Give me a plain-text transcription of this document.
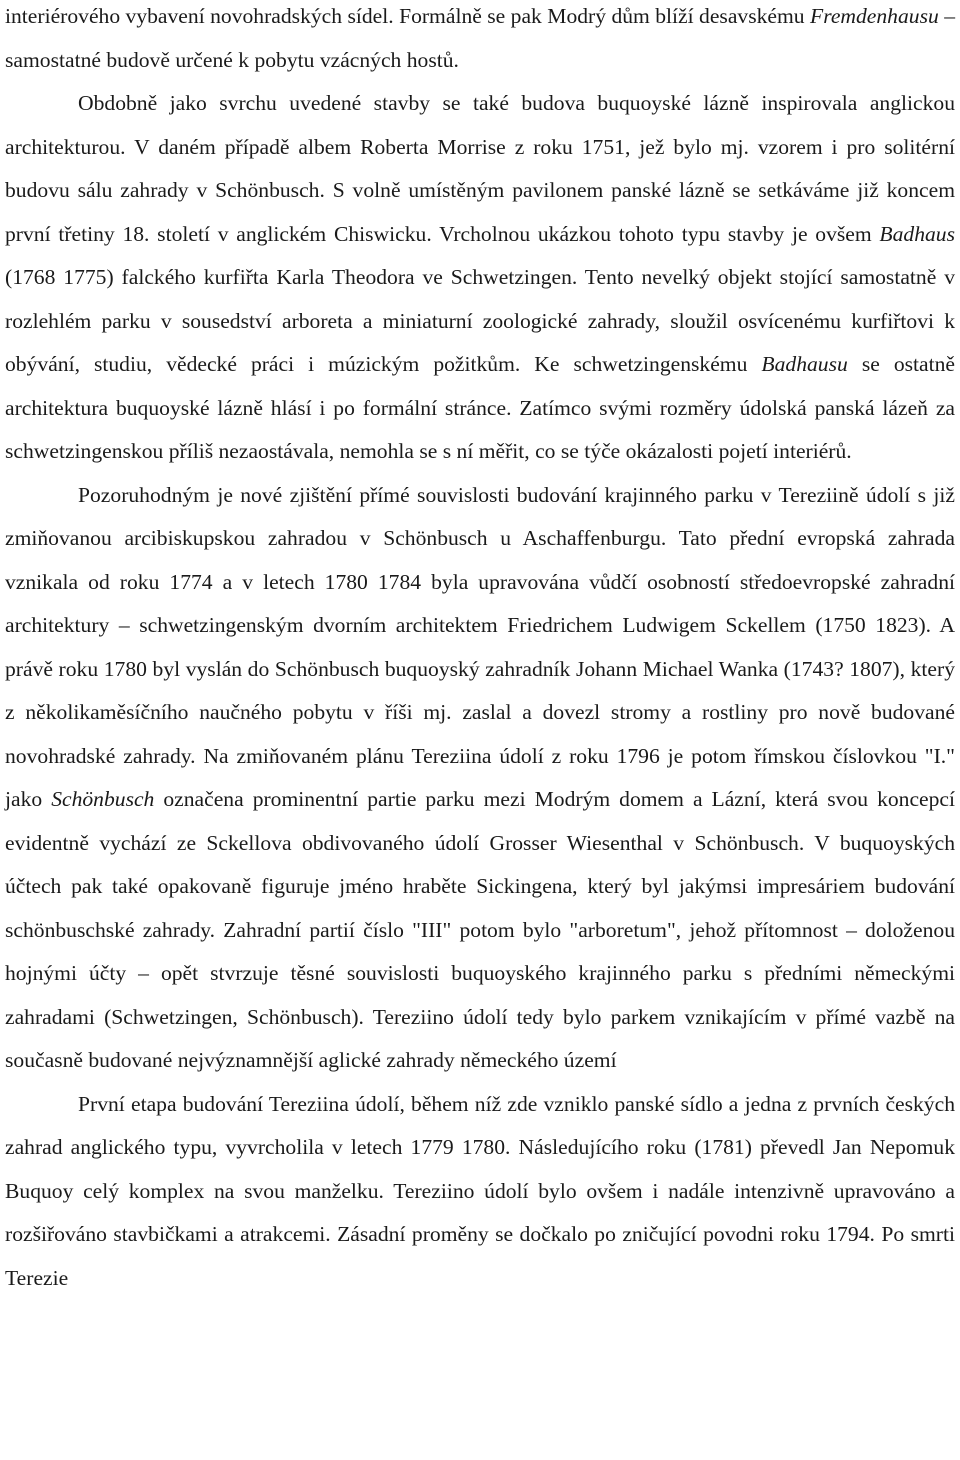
interiérového vybavení novohradských sídel. Formálně se pak Modrý dům blíží desavskému Fremdenhausu – samostatné budově určené k pobytu vzácných hostů.

Obdobně jako svrchu uvedené stavby se také budova buquoyské lázně inspirovala anglickou architekturou. V daném případě albem Roberta Morrise z roku 1751, jež bylo mj. vzorem i pro solitérní budovu sálu zahrady v Schönbusch. S volně umístěným pavilonem panské lázně se setkáváme již koncem první třetiny 18. století v anglickém Chiswicku. Vrcholnou ukázkou tohoto typu stavby je ovšem Badhaus (1768 1775) falckého kurfiřta Karla Theodora ve Schwetzingen. Tento nevelký objekt stojící samostatně v rozlehlém parku v sousedství arboreta a miniaturní zoologické zahrady, sloužil osvícenému kurfiřtovi k obývání, studiu, vědecké práci i múzickým požitkům. Ke schwetzingenskému Badhausu se ostatně architektura buquoyské lázně hlásí i po formální stránce. Zatímco svými rozměry údolská panská lázeň za schwetzingenskou příliš nezaostávala, nemohla se s ní měřit, co se týče okázalosti pojetí interiérů.

Pozoruhodným je nové zjištění přímé souvislosti budování krajinného parku v Tereziině údolí s již zmiňovanou arcibiskupskou zahradou v Schönbusch u Aschaffenburgu. Tato přední evropská zahrada vznikala od roku 1774 a v letech 1780 1784 byla upravována vůdčí osobností středoevropské zahradní architektury – schwetzingenským dvorním architektem Friedrichem Ludwigem Sckellem (1750 1823). A právě roku 1780 byl vyslán do Schönbusch buquoyský zahradník Johann Michael Wanka (1743? 1807), který z několikaměsíčního naučného pobytu v říši mj. zaslal a dovezl stromy a rostliny pro nově budované novohradské zahrady. Na zmiňovaném plánu Tereziina údolí z roku 1796 je potom římskou číslovkou "I." jako Schönbusch označena prominentní partie parku mezi Modrým domem a Lázní, která svou koncepcí evidentně vychází ze Sckellova obdivovaného údolí Grosser Wiesenthal v Schönbusch. V buquoyských účtech pak také opakovaně figuruje jméno hraběte Sickingena, který byl jakýmsi impresáriem budování schönbuschské zahrady. Zahradní partií číslo "III" potom bylo "arboretum", jehož přítomnost – doloženou hojnými účty – opět stvrzuje těsné souvislosti buquoyského krajinného parku s předními německými zahradami (Schwetzingen, Schönbusch). Tereziino údolí tedy bylo parkem vznikajícím v přímé vazbě na současně budované nejvýznamnější aglické zahrady německého území

První etapa budování Tereziina údolí, během níž zde vzniklo panské sídlo a jedna z prvních českých zahrad anglického typu, vyvrcholila v letech 1779 1780. Následujícího roku (1781) převedl Jan Nepomuk Buquoy celý komplex na svou manželku. Tereziino údolí bylo ovšem i nadále intenzivně upravováno a rozšiřováno stavbičkami a atrakcemi. Zásadní proměny se dočkalo po zničující povodni roku 1794. Po smrti Terezie
